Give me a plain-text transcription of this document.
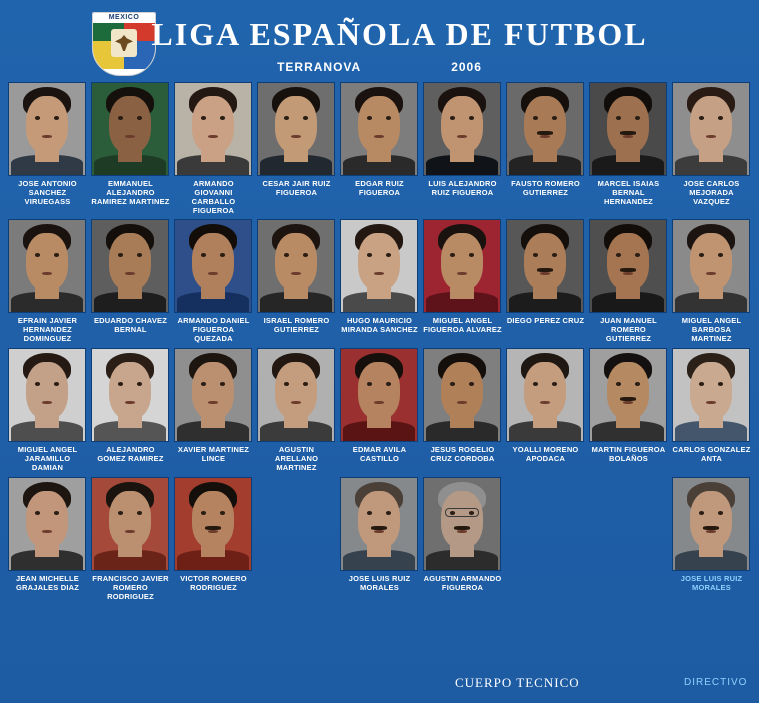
MEXICO LIGA ESPAÑOLA DE FUTBOL
TERRANOVA	2006
JOSE ANTONIO SANCHEZ VIRUEGASS
EMMANUEL ALEJANDRO RAMIREZ MARTINEZ
ARMANDO GIOVANNI CARBALLO FIGUEROA
CESAR JAIR RUIZ FIGUEROA
EDGAR RUIZ FIGUEROA
LUIS ALEJANDRO RUIZ FIGUEROA
FAUSTO ROMERO GUTIERREZ
MARCEL ISAIAS BERNAL HERNANDEZ
JOSE CARLOS MEJORADA VAZQUEZ
EFRAIN JAVIER HERNANDEZ DOMINGUEZ
EDUARDO CHAVEZ BERNAL
ARMANDO DANIEL FIGUEROA QUEZADA
ISRAEL ROMERO GUTIERREZ
HUGO MAURICIO MIRANDA SANCHEZ
MIGUEL ANGEL FIGUEROA ALVAREZ
DIEGO PEREZ CRUZ	JUAN MANUEL ROMERO GUTIERREZ
MIGUEL ANGEL BARBOSA MARTINEZ
MIGUEL ANGEL JARAMILLO DAMIAN
ALEJANDRO GOMEZ RAMIREZ
XAVIER MARTINEZ LINCE
AGUSTIN ARELLANO MARTINEZ
EDMAR AVILA CASTILLO
JESUS ROGELIO CRUZ CORDOBA
YOALLI MORENO APODACA
MARTIN FIGUEROA BOLAÑOS
CARLOS GONZALEZ ANTA
JEAN MICHELLE GRAJALES DIAZ
FRANCISCO JAVIER ROMERO RODRIGUEZ
VICTOR ROMERO RODRIGUEZ
JOSE LUIS RUIZ MORALES
AGUSTIN ARMANDO FIGUEROA
JOSE LUIS RUIZ MORALES
CUERPO TECNICO	DIRECTIVO
